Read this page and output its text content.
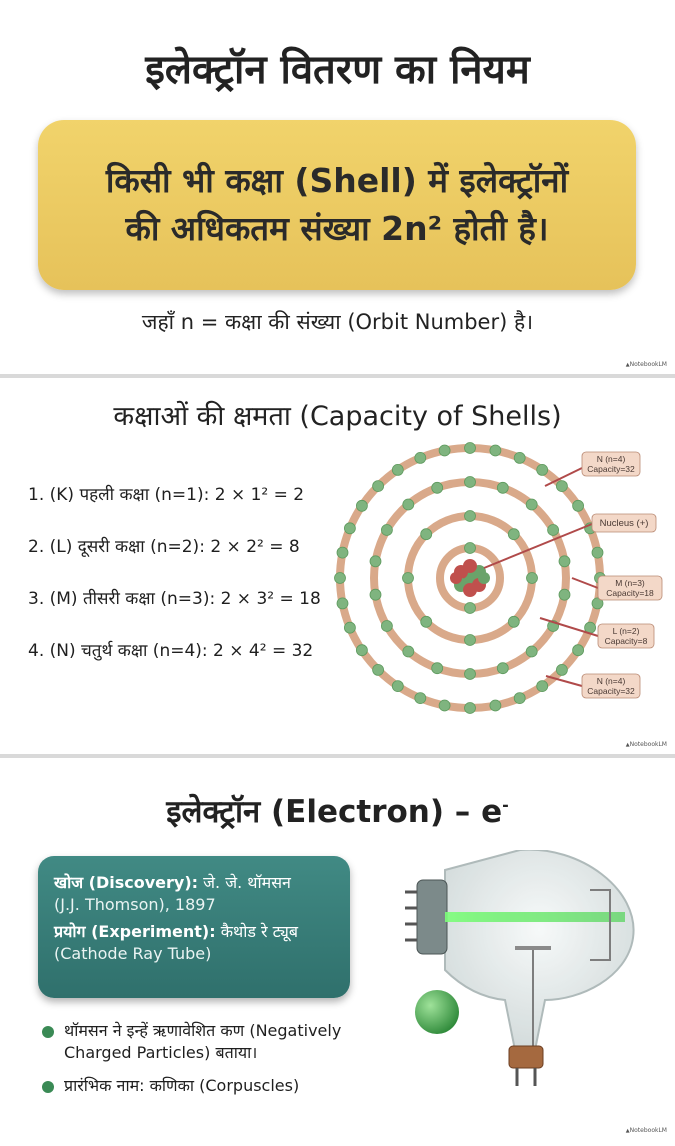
इलेक्ट्रॉन वितरण का नियम
किसी भी कक्षा (Shell) में इलेक्ट्रॉनों
की अधिकतम संख्या 2n² होती है।
जहाँ n = कक्षा की संख्या (Orbit Number) है।
▲ NotebookLM
कक्षाओं की क्षमता (Capacity of Shells)
1. (K) पहली कक्षा (n=1): 2 × 1² = 2
2. (L) दूसरी कक्षा (n=2): 2 × 2² = 8
3. (M) तीसरी कक्षा (n=3): 2 × 3² = 18
4. (N) चतुर्थ कक्षा (n=4): 2 × 4² = 32
N (n=4)
Capacity=32
Nucleus (+)
M (n=3)
Capacity=18
L (n=2)
Capacity=8
N (n=4)
Capacity=32
▲ NotebookLM
इलेक्ट्रॉन (Electron) – e-
खोज (Discovery): जे. जे. थॉमसन
(J.J. Thomson), 1897
प्रयोग (Experiment): कैथोड रे ट्यूब
(Cathode Ray Tube)
थॉमसन ने इन्हें ऋणावेशित कण (Negatively Charged Particles) बताया।
प्रारंभिक नाम: कणिका (Corpuscles)
▲ NotebookLM
